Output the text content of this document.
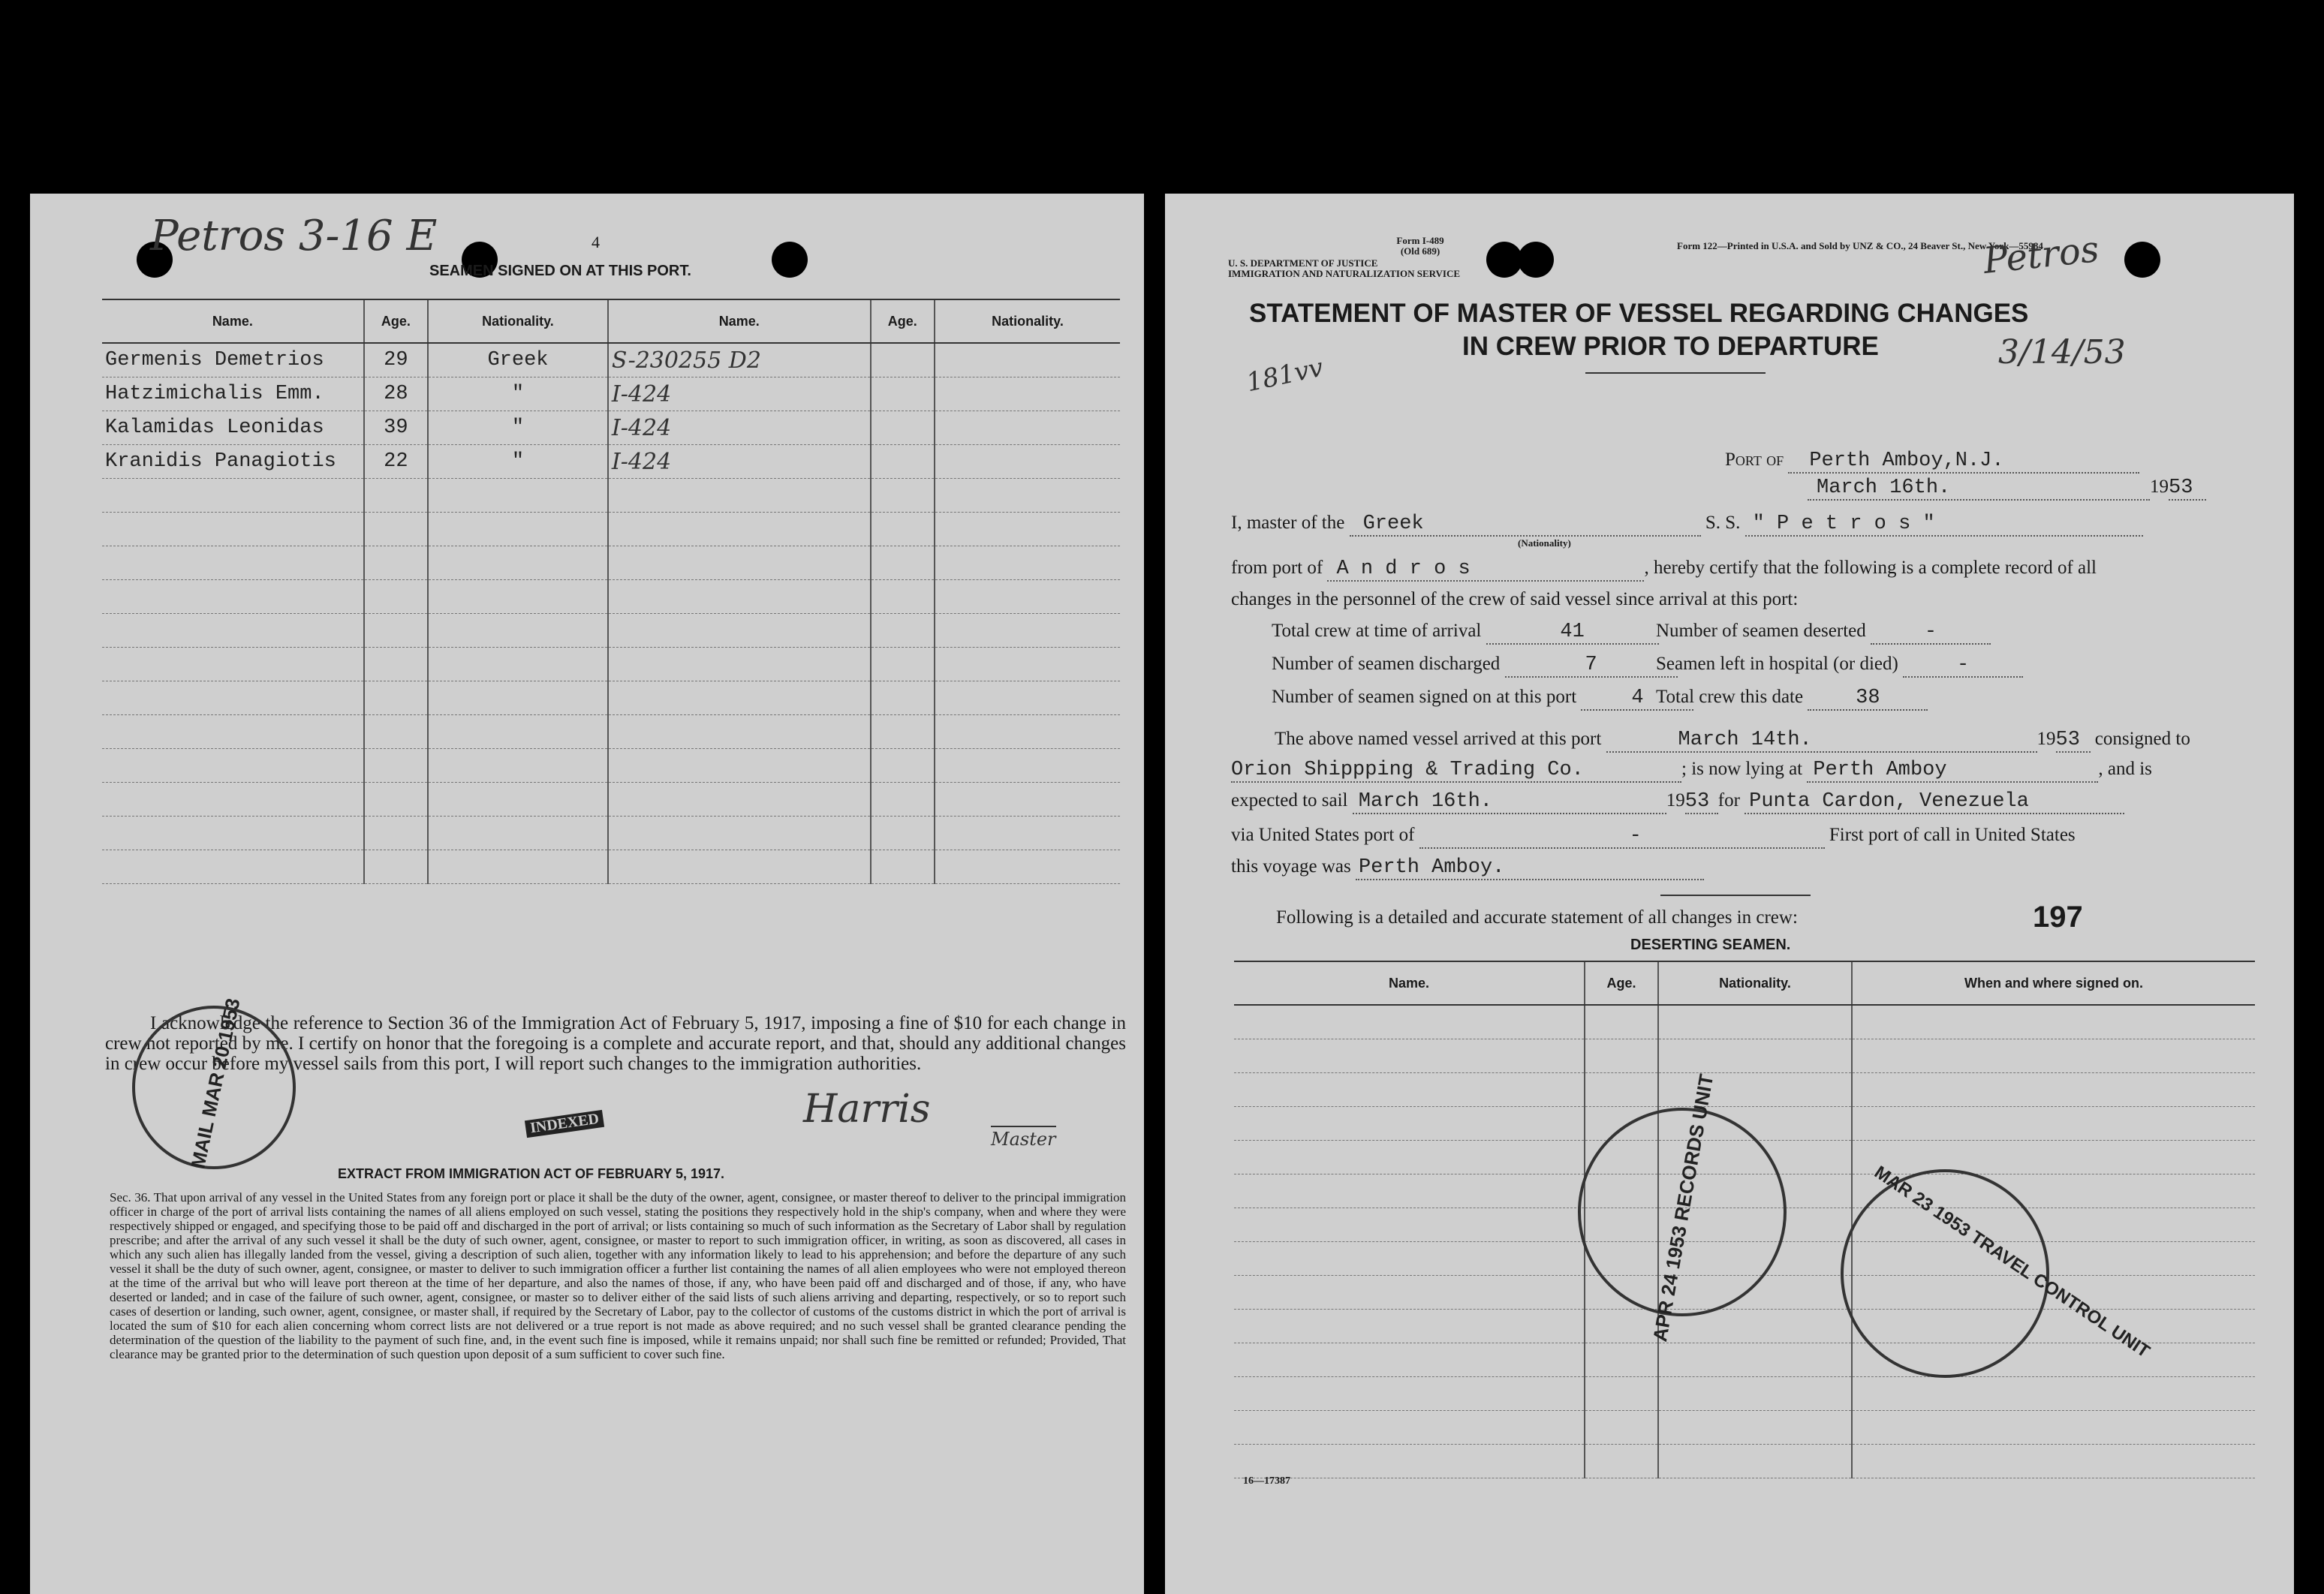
Petros 3-16 E	4
SEAMEN SIGNED ON AT THIS PORT.
Name.	Age.	Nationality.	Name.	Age.	Nationality.
Germenis Demetrios	29	Greek	S-230255 D2		
Hatzimichalis Emm.	28	"	I-424		
Kalamidas Leonidas	39	"	I-424		
Kranidis Panagiotis	22	"	I-424		

I acknowledge the reference to Section 36 of the Immigration Act of February 5, 1917, imposing a fine of $10 for each change in crew not reported by me. I certify on honor that the foregoing is a complete and accurate report, and that, should any additional changes in crew occur before my vessel sails from this port, I will report such changes to the immigration authorities.
MAIL MAR 20 1953	INDEXED	Harris
Master
EXTRACT FROM IMMIGRATION ACT OF FEBRUARY 5, 1917.
Sec. 36. That upon arrival of any vessel in the United States from any foreign port or place it shall be the duty of the owner, agent, consignee, or master thereof to deliver to the principal immigration officer in charge of the port of arrival lists containing the names of all aliens employed on such vessel, stating the positions they respectively hold in the ship's company, when and where they were respectively shipped or engaged, and specifying those to be paid off and discharged in the port of arrival; or lists containing so much of such information as the Secretary of Labor shall by regulation prescribe; and after the arrival of any such vessel it shall be the duty of such owner, agent, consignee, or master to report to such immigration officer, in writing, as soon as discovered, all cases in which any such alien has illegally landed from the vessel, giving a description of such alien, together with any information likely to lead to his apprehension; and before the departure of any such vessel it shall be the duty of such owner, agent, consignee, or master to deliver to such immigration officer a further list containing the names of all alien employees who were not employed thereon at the time of the arrival but who will leave port thereon at the time of her departure, and also the names of those, if any, who have been paid off and discharged and of those, if any, who have deserted or landed; and in case of the failure of such owner, agent, consignee, or master so to deliver either of the said lists of such aliens arriving and departing, respectively, or so to report such cases of desertion or landing, such owner, agent, consignee, or master shall, if required by the Secretary of Labor, pay to the collector of customs of the customs district in which the port of arrival is located the sum of $10 for each alien concerning whom correct lists are not delivered or a true report is not made as above required; and no such vessel shall be granted clearance pending the determination of the question of the liability to the payment of such fine, and, in the event such fine is imposed, while it remains unpaid; nor shall such fine be remitted or refunded; Provided, That clearance may be granted prior to the determination of such question upon deposit of a sum sufficient to cover such fine.
Form I-489
(Old 689)
U. S. DEPARTMENT OF JUSTICE
IMMIGRATION AND NATURALIZATION SERVICE
Form 122—Printed in U.S.A. and Sold by UNZ & CO., 24 Beaver St., New York—55984
Petros
3/14/53
181vv
STATEMENT OF MASTER OF VESSEL REGARDING CHANGES
IN CREW PRIOR TO DEPARTURE
Port of Perth Amboy,N.J.
March 16th.	1953
I, master of the Greek	S. S. " P e t r o s "
(Nationality)
from port of A n d r o s	, hereby certify that the following is a complete record of all
changes in the personnel of the crew of said vessel since arrival at this port:
Total crew at time of arrival	41	Number of seamen deserted	-
Number of seamen discharged	7	Seamen left in hospital (or died)	-
Number of seamen signed on at this port	4 Total crew this date	38
The above named vessel arrived at this port	March 14th.	1953 consigned to
Orion Shippping & Trading Co.	; is now lying at Perth Amboy	, and is
expected to sail March 16th.	1953 for Punta Cardon, Venezuela
via United States port of	-	First port of call in United States
this voyage was Perth Amboy.
Following is a detailed and accurate statement of all changes in crew:	197
DESERTING SEAMEN.
Name.	Age.	Nationality.	When and where signed on.

APR 24 1953 RECORDS UNIT	MAR 23 1953 TRAVEL CONTROL UNIT
16—17387
